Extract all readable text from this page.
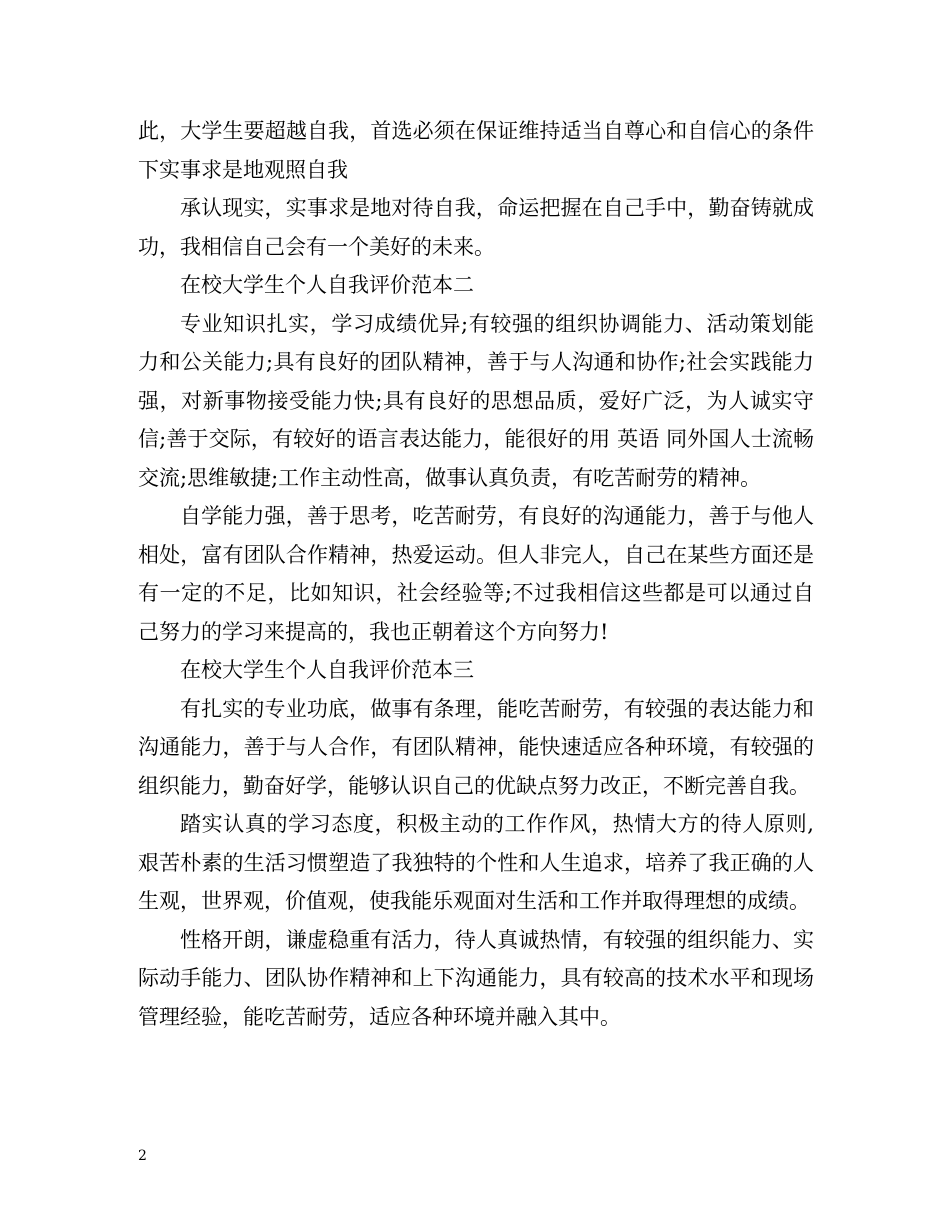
此，大学生要超越自我，首选必须在保证维持适当自尊心和自信心的条件下实事求是地观照自我

承认现实，实事求是地对待自我，命运把握在自己手中，勤奋铸就成功，我相信自己会有一个美好的未来。

在校大学生个人自我评价范本二

专业知识扎实，学习成绩优异;有较强的组织协调能力、活动策划能力和公关能力;具有良好的团队精神，善于与人沟通和协作;社会实践能力强，对新事物接受能力快;具有良好的思想品质，爱好广泛，为人诚实守信;善于交际，有较好的语言表达能力，能很好的用 英语 同外国人士流畅交流;思维敏捷;工作主动性高，做事认真负责，有吃苦耐劳的精神。

自学能力强，善于思考，吃苦耐劳，有良好的沟通能力，善于与他人相处，富有团队合作精神，热爱运动。但人非完人，自己在某些方面还是有一定的不足，比如知识，社会经验等;不过我相信这些都是可以通过自己努力的学习来提高的，我也正朝着这个方向努力!

在校大学生个人自我评价范本三

有扎实的专业功底，做事有条理，能吃苦耐劳，有较强的表达能力和沟通能力，善于与人合作，有团队精神，能快速适应各种环境，有较强的组织能力，勤奋好学，能够认识自己的优缺点努力改正，不断完善自我。

踏实认真的学习态度，积极主动的工作作风，热情大方的待人原则,艰苦朴素的生活习惯塑造了我独特的个性和人生追求，培养了我正确的人生观，世界观，价值观，使我能乐观面对生活和工作并取得理想的成绩。

性格开朗，谦虚稳重有活力，待人真诚热情，有较强的组织能力、实际动手能力、团队协作精神和上下沟通能力，具有较高的技术水平和现场管理经验，能吃苦耐劳，适应各种环境并融入其中。

2
